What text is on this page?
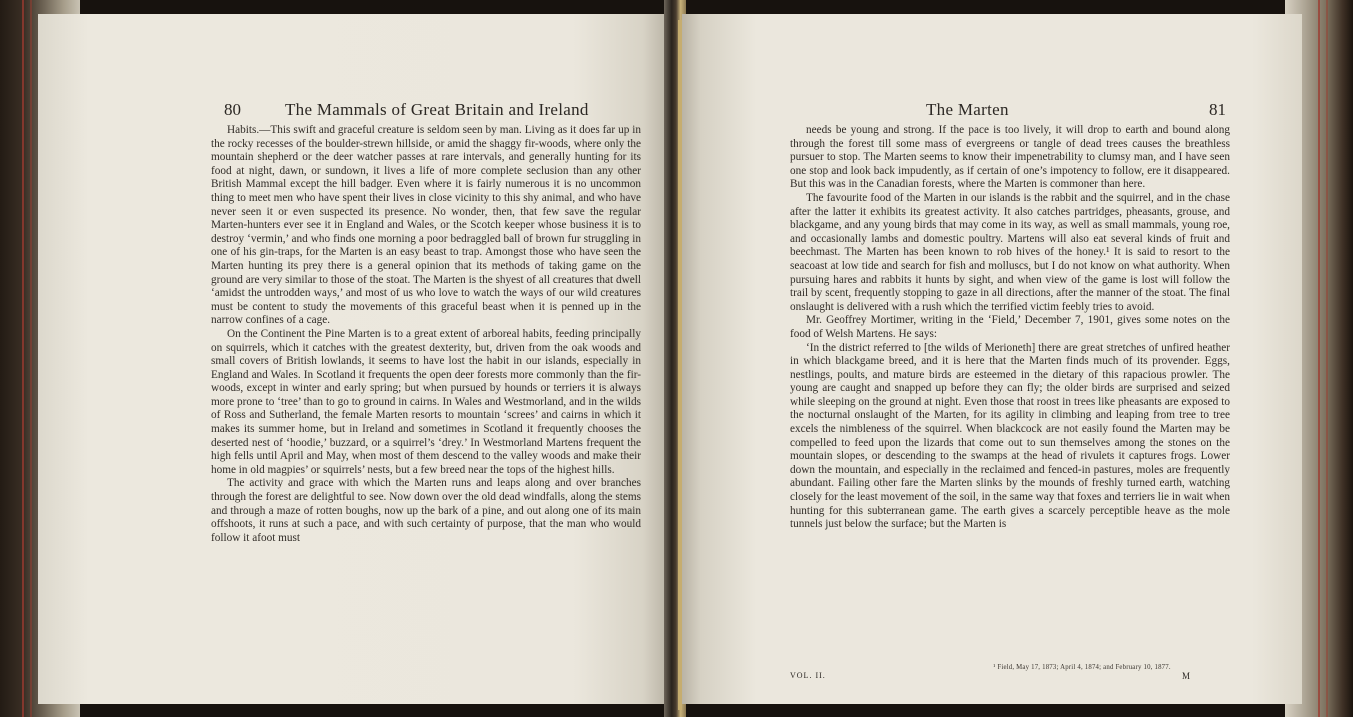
80	The Mammals of Great Britain and Ireland

Habits.—This swift and graceful creature is seldom seen by man. Living as it does far up in the rocky recesses of the boulder-strewn hillside, or amid the shaggy fir-woods, where only the mountain shepherd or the deer watcher passes at rare intervals, and generally hunting for its food at night, dawn, or sundown, it lives a life of more complete seclusion than any other British Mammal except the hill badger. Even where it is fairly numerous it is no uncommon thing to meet men who have spent their lives in close vicinity to this shy animal, and who have never seen it or even suspected its presence. No wonder, then, that few save the regular Marten-hunters ever see it in England and Wales, or the Scotch keeper whose business it is to destroy ‘vermin,’ and who finds one morning a poor bedraggled ball of brown fur struggling in one of his gin-traps, for the Marten is an easy beast to trap. Amongst those who have seen the Marten hunting its prey there is a general opinion that its methods of taking game on the ground are very similar to those of the stoat. The Marten is the shyest of all creatures that dwell ‘amidst the untrodden ways,’ and most of us who love to watch the ways of our wild creatures must be content to study the movements of this graceful beast when it is penned up in the narrow confines of a cage.

On the Continent the Pine Marten is to a great extent of arboreal habits, feeding principally on squirrels, which it catches with the greatest dexterity, but, driven from the oak woods and small covers of British lowlands, it seems to have lost the habit in our islands, especially in England and Wales. In Scotland it frequents the open deer forests more commonly than the fir-woods, except in winter and early spring; but when pursued by hounds or terriers it is always more prone to ‘tree’ than to go to ground in cairns. In Wales and Westmorland, and in the wilds of Ross and Sutherland, the female Marten resorts to mountain ‘screes’ and cairns in which it makes its summer home, but in Ireland and sometimes in Scotland it frequently chooses the deserted nest of ‘hoodie,’ buzzard, or a squirrel’s ‘drey.’ In Westmorland Martens frequent the high fells until April and May, when most of them descend to the valley woods and make their home in old magpies’ or squirrels’ nests, but a few breed near the tops of the highest hills.

The activity and grace with which the Marten runs and leaps along and over branches through the forest are delightful to see. Now down over the old dead windfalls, along the stems and through a maze of rotten boughs, now up the bark of a pine, and out along one of its main offshoots, it runs at such a pace, and with such certainty of purpose, that the man who would follow it afoot must

The Marten	81

needs be young and strong. If the pace is too lively, it will drop to earth and bound along through the forest till some mass of evergreens or tangle of dead trees causes the breathless pursuer to stop. The Marten seems to know their impenetrability to clumsy man, and I have seen one stop and look back impudently, as if certain of one’s impotency to follow, ere it disappeared. But this was in the Canadian forests, where the Marten is commoner than here.

The favourite food of the Marten in our islands is the rabbit and the squirrel, and in the chase after the latter it exhibits its greatest activity. It also catches partridges, pheasants, grouse, and blackgame, and any young birds that may come in its way, as well as small mammals, young roe, and occasionally lambs and domestic poultry. Martens will also eat several kinds of fruit and beechmast. The Marten has been known to rob hives of the honey.¹ It is said to resort to the seacoast at low tide and search for fish and molluscs, but I do not know on what authority. When pursuing hares and rabbits it hunts by sight, and when view of the game is lost will follow the trail by scent, frequently stopping to gaze in all directions, after the manner of the stoat. The final onslaught is delivered with a rush which the terrified victim feebly tries to avoid.

Mr. Geoffrey Mortimer, writing in the ‘Field,’ December 7, 1901, gives some notes on the food of Welsh Martens. He says:

‘In the district referred to [the wilds of Merioneth] there are great stretches of unfired heather in which blackgame breed, and it is here that the Marten finds much of its provender. Eggs, nestlings, poults, and mature birds are esteemed in the dietary of this rapacious prowler. The young are caught and snapped up before they can fly; the older birds are surprised and seized while sleeping on the ground at night. Even those that roost in trees like pheasants are exposed to the nocturnal onslaught of the Marten, for its agility in climbing and leaping from tree to tree excels the nimbleness of the squirrel. When blackcock are not easily found the Marten may be compelled to feed upon the lizards that come out to sun themselves among the stones on the mountain slopes, or descending to the swamps at the head of rivulets it captures frogs. Lower down the mountain, and especially in the reclaimed and fenced-in pastures, moles are frequently abundant. Failing other fare the Marten slinks by the mounds of freshly turned earth, watching closely for the least movement of the soil, in the same way that foxes and terriers lie in wait when hunting for this subterranean game. The earth gives a scarcely perceptible heave as the mole tunnels just below the surface; but the Marten is

¹ Field, May 17, 1873; April 4, 1874; and February 10, 1877.
VOL. II.	M
